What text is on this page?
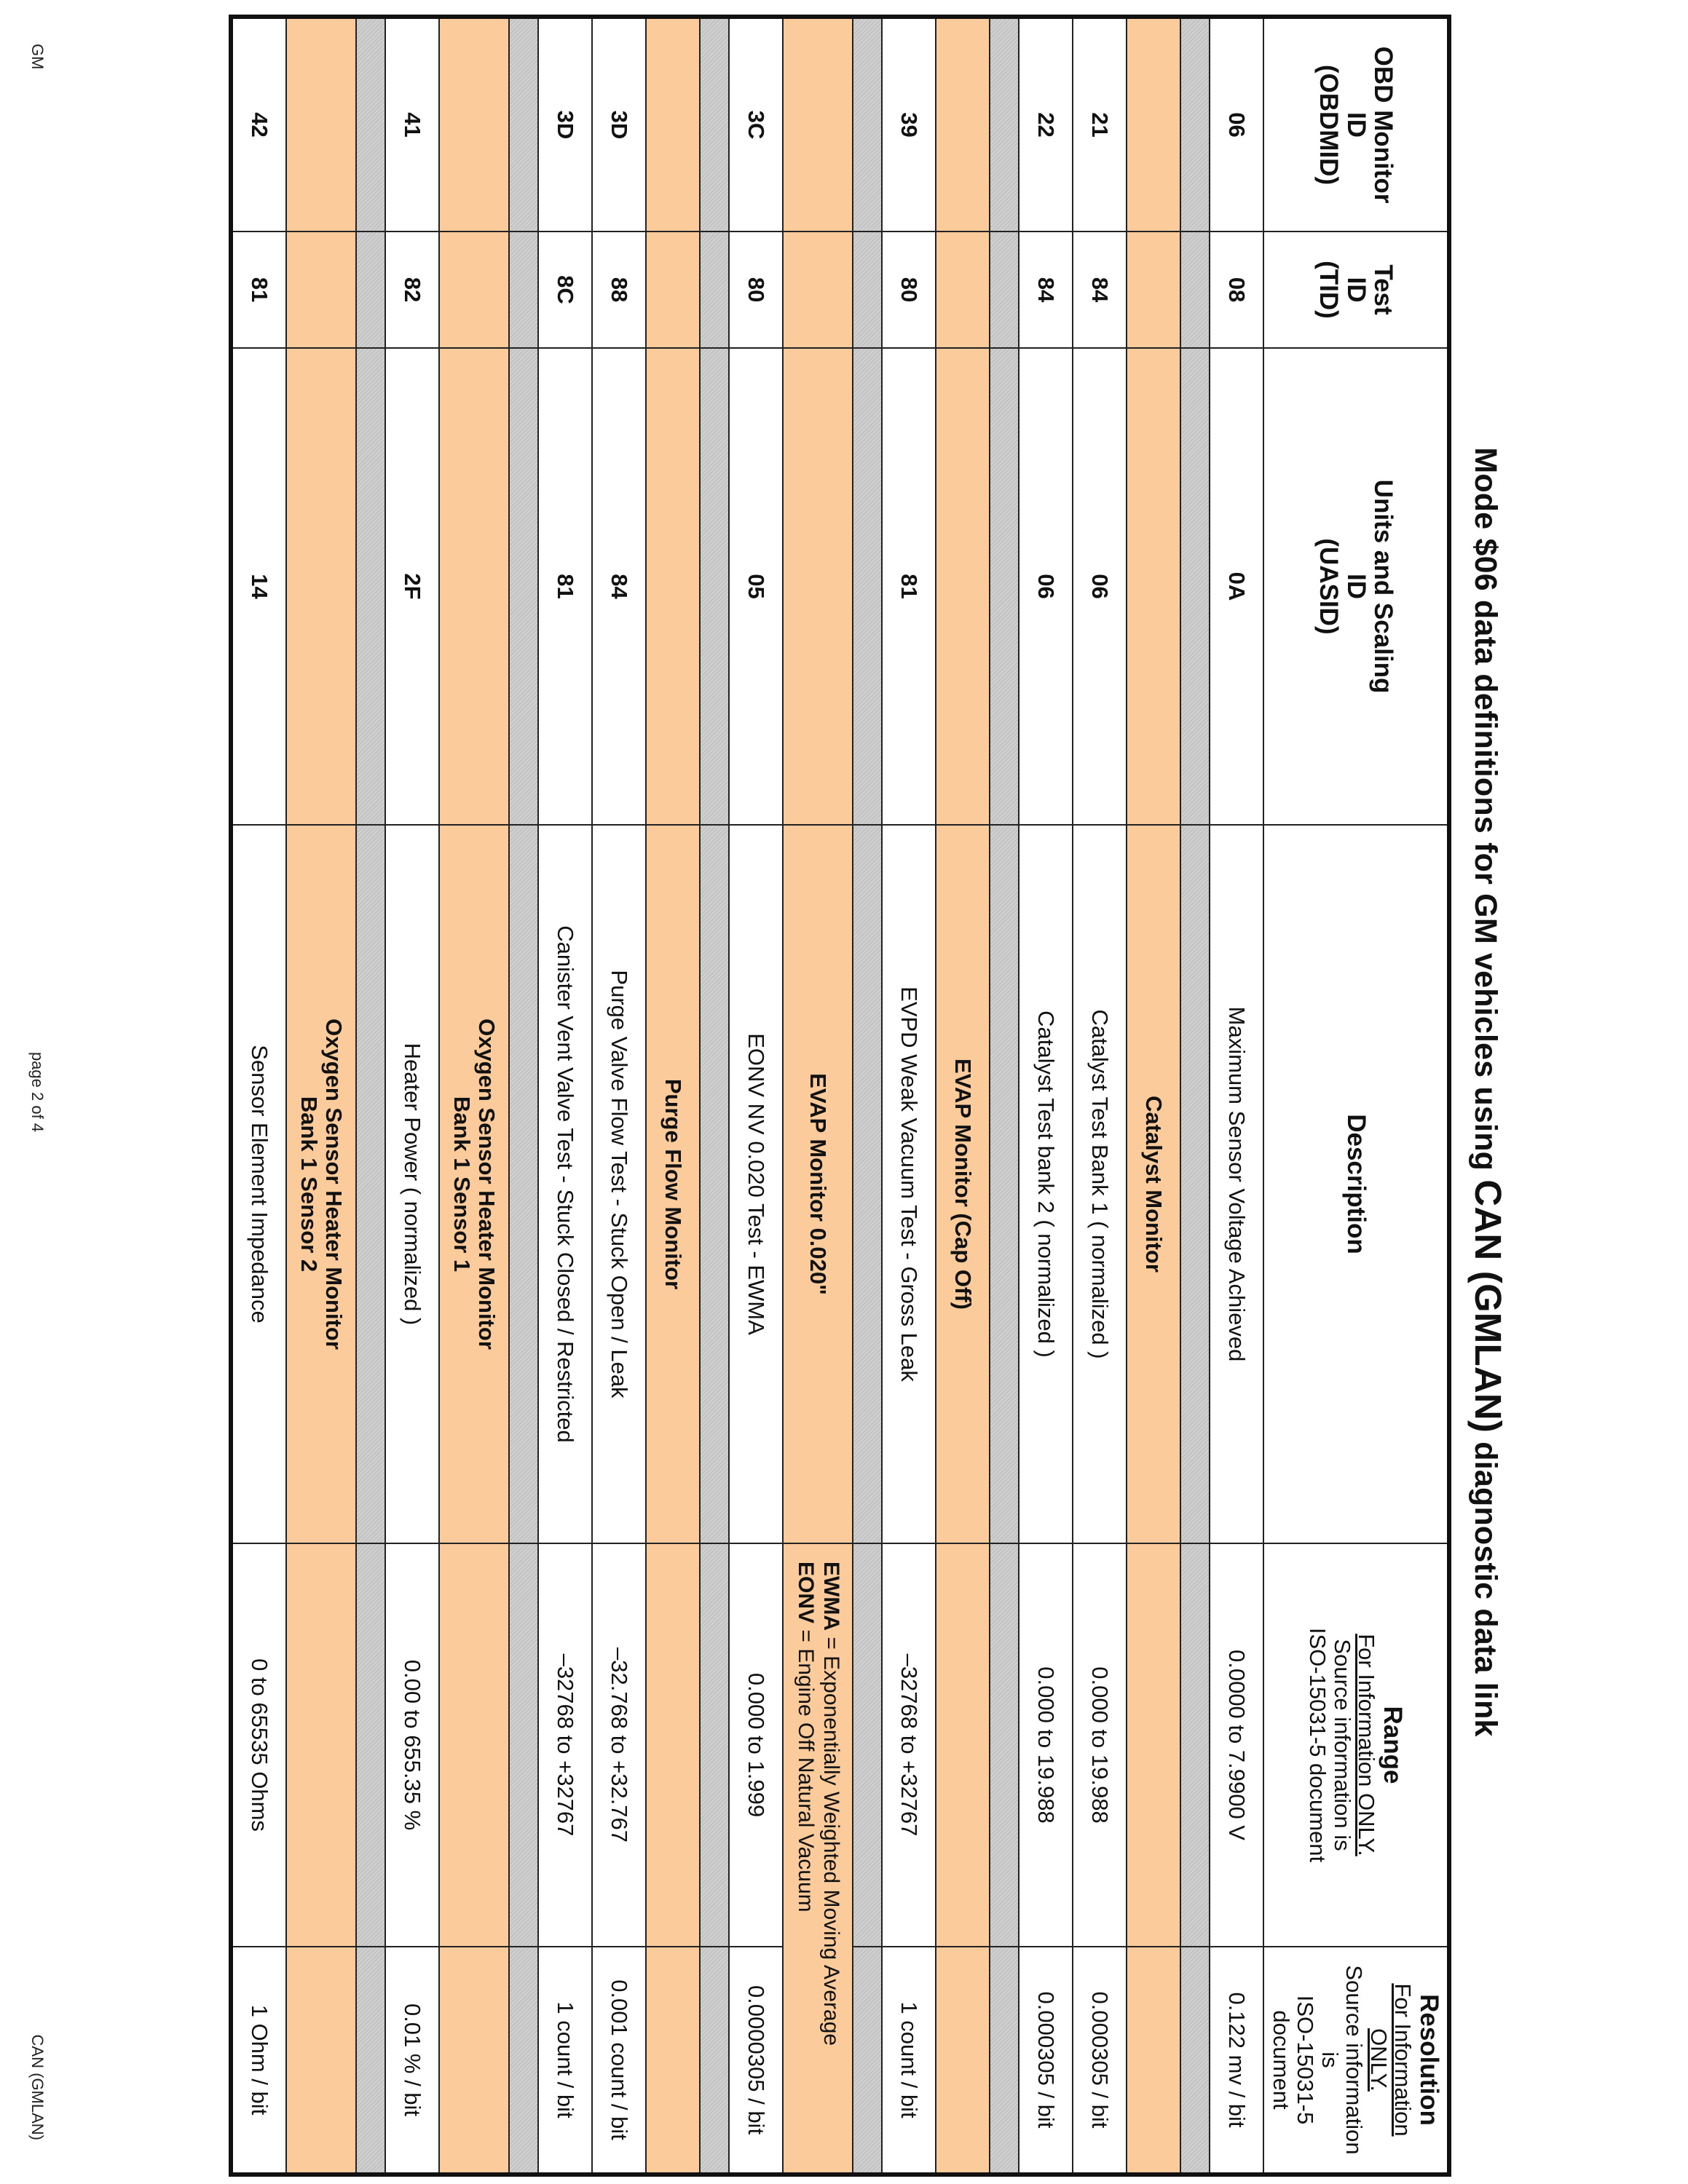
Mode $06 data definitions for GM vehicles using CAN (GMLAN) diagnostic data link
OBD Monitor
ID
(OBDMID)	Test
ID
(TID)	Units and Scaling
ID
(UASID)	Description	Range
For Information ONLY.
Source information is
ISO-15031-5 document	Resolution
For Information ONLY.
Source information is
ISO-15031-5 document

06	08	0A	Maximum Sensor Voltage Achieved	0.0000 to 7.9900 V	0.122 mv / bit

			Catalyst Monitor		
21	84	06	Catalyst Test Bank 1 ( normalized )	0.000 to 19.988	0.000305 / bit
22	84	06	Catalyst Test bank 2 ( normalized )	0.000 to 19.988	0.000305 / bit

			EVAP Monitor (Cap Off)		
39	80	81	EVPD Weak Vacuum Test - Gross Leak	–32768 to +32767	1 count / bit

			EVAP Monitor 0.020"	EWMA = Exponentially Weighted Moving Average
EONV = Engine Off Natural Vacuum	

3C	80	05	EONV NV 0.020 Test - EWMA	0.000 to 1.999	0.0000305 / bit

			Purge Flow Monitor		
3D	88	84	Purge Valve Flow Test - Stuck Open / Leak	–32.768 to +32.767	0.001 count / bit
3D	8C	81	Canister Vent Valve Test - Stuck Closed / Restricted	–32768 to +32767	1 count / bit

			Oxygen Sensor Heater Monitor
Bank 1 Sensor 1		

41	82	2F	Heater Power ( normalized )	0.00 to 655.35 %	0.01 % / bit

			Oxygen Sensor Heater Monitor
Bank 1 Sensor 2		

42	81	14	Sensor Element Impedance	0 to 65535 Ohms	1 Ohm / bit
GM
page 2 of 4
CAN (GMLAN)
